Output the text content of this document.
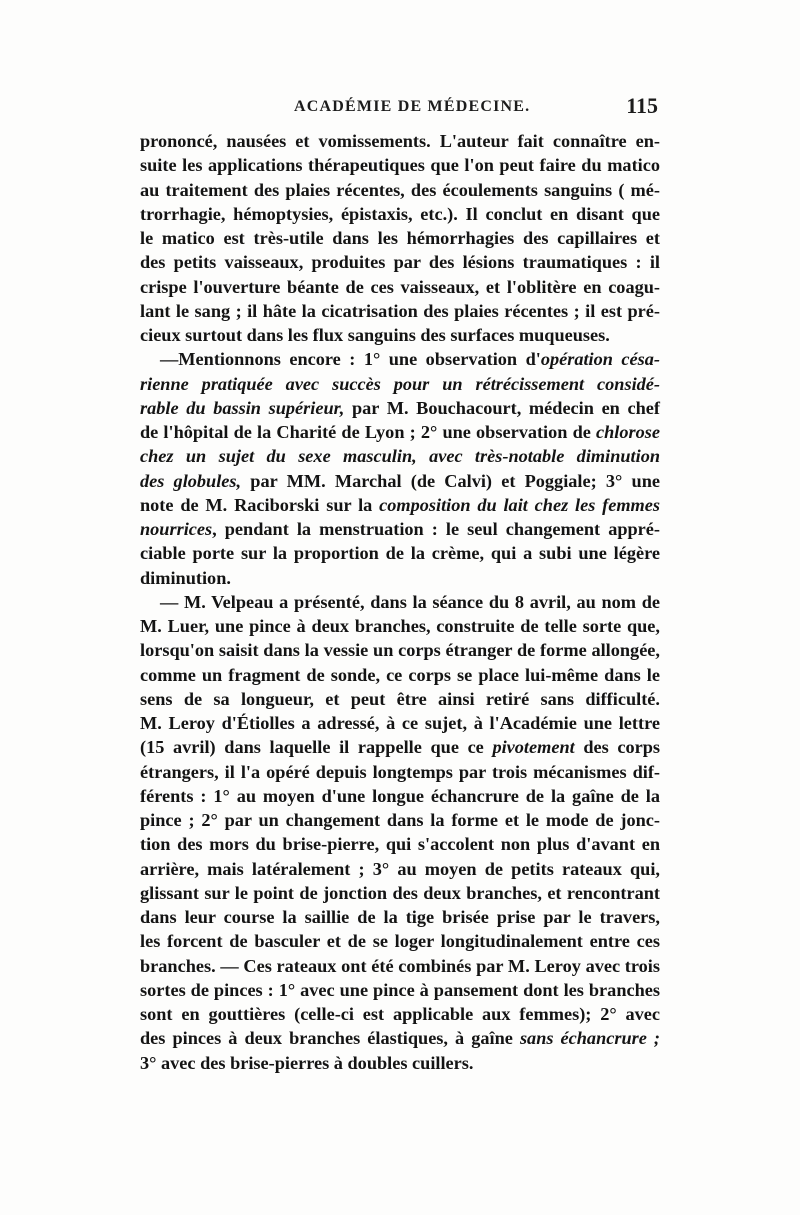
ACADÉMIE DE MÉDECINE.	115
prononcé, nausées et vomissements. L'auteur fait connaître en-
suite les applications thérapeutiques que l'on peut faire du matico
au traitement des plaies récentes, des écoulements sanguins ( mé-
trorrhagie, hémoptysies, épistaxis, etc.). Il conclut en disant que
le matico est très-utile dans les hémorrhagies des capillaires et
des petits vaisseaux, produites par des lésions traumatiques : il
crispe l'ouverture béante de ces vaisseaux, et l'oblitère en coagu-
lant le sang ; il hâte la cicatrisation des plaies récentes ; il est pré-
cieux surtout dans les flux sanguins des surfaces muqueuses.
—Mentionnons encore : 1° une observation d'opération césa-
rienne pratiquée avec succès pour un rétrécissement considé-
rable du bassin supérieur, par M. Bouchacourt, médecin en chef
de l'hôpital de la Charité de Lyon ; 2° une observation de chlorose
chez un sujet du sexe masculin, avec très-notable diminution
des globules, par MM. Marchal (de Calvi) et Poggiale; 3° une
note de M. Raciborski sur la composition du lait chez les femmes
nourrices, pendant la menstruation : le seul changement appré-
ciable porte sur la proportion de la crème, qui a subi une légère
diminution.
— M. Velpeau a présenté, dans la séance du 8 avril, au nom de
M. Luer, une pince à deux branches, construite de telle sorte que,
lorsqu'on saisit dans la vessie un corps étranger de forme allongée,
comme un fragment de sonde, ce corps se place lui-même dans le
sens de sa longueur, et peut être ainsi retiré sans difficulté.
M. Leroy d'Étiolles a adressé, à ce sujet, à l'Académie une lettre
(15 avril) dans laquelle il rappelle que ce pivotement des corps
étrangers, il l'a opéré depuis longtemps par trois mécanismes dif-
férents : 1° au moyen d'une longue échancrure de la gaîne de la
pince ; 2° par un changement dans la forme et le mode de jonc-
tion des mors du brise-pierre, qui s'accolent non plus d'avant en
arrière, mais latéralement ; 3° au moyen de petits rateaux qui,
glissant sur le point de jonction des deux branches, et rencontrant
dans leur course la saillie de la tige brisée prise par le travers,
les forcent de basculer et de se loger longitudinalement entre ces
branches. — Ces rateaux ont été combinés par M. Leroy avec trois
sortes de pinces : 1° avec une pince à pansement dont les branches
sont en gouttières (celle-ci est applicable aux femmes); 2° avec
des pinces à deux branches élastiques, à gaîne sans échancrure ;
3° avec des brise-pierres à doubles cuillers.
